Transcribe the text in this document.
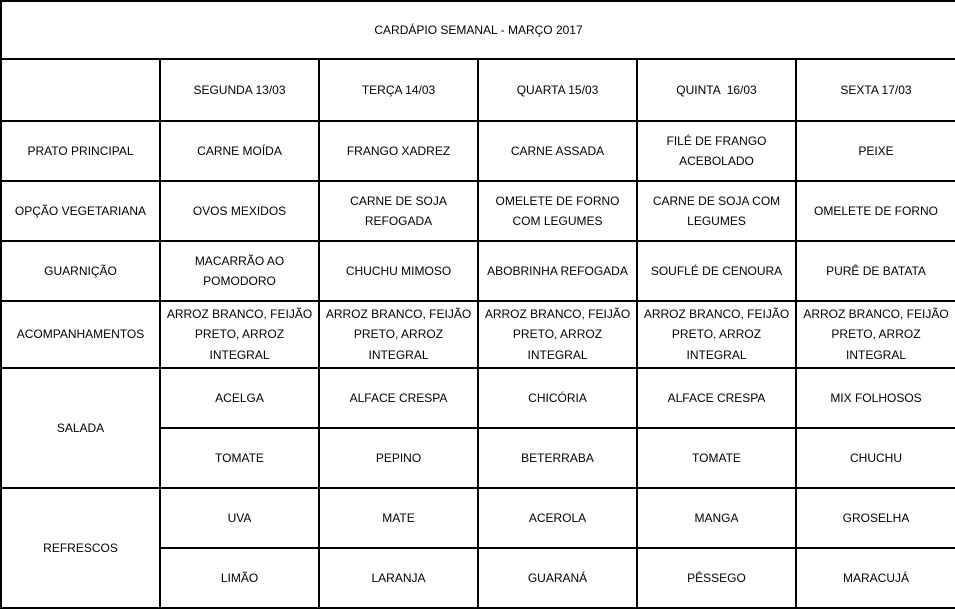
CARDÁPIO SEMANAL - MARÇO 2017					
	SEGUNDA 13/03	TERÇA 14/03	QUARTA 15/03	QUINTA  16/03	SEXTA 17/03
PRATO PRINCIPAL	CARNE MOÍDA	FRANGO XADREZ	CARNE ASSADA	FILÉ DE FRANGO ACEBOLADO	PEIXE
OPÇÃO VEGETARIANA	OVOS MEXIDOS	CARNE DE SOJA REFOGADA	OMELETE DE FORNO COM LEGUMES	CARNE DE SOJA COM LEGUMES	OMELETE DE FORNO
GUARNIÇÃO	MACARRÃO AO POMODORO	CHUCHU MIMOSO	ABOBRINHA REFOGADA	SOUFLÉ DE CENOURA	PURÊ DE BATATA
ACOMPANHAMENTOS	ARROZ BRANCO, FEIJÃO PRETO, ARROZ INTEGRAL	ARROZ BRANCO, FEIJÃO PRETO, ARROZ INTEGRAL	ARROZ BRANCO, FEIJÃO PRETO, ARROZ INTEGRAL	ARROZ BRANCO, FEIJÃO PRETO, ARROZ INTEGRAL	ARROZ BRANCO, FEIJÃO PRETO, ARROZ INTEGRAL
SALADA	ACELGA	ALFACE CRESPA	CHICÓRIA	ALFACE CRESPA	MIX FOLHOSOS
	TOMATE	PEPINO	BETERRABA	TOMATE	CHUCHU
REFRESCOS	UVA	MATE	ACEROLA	MANGA	GROSELHA
	LIMÃO	LARANJA	GUARANÁ	PÊSSEGO	MARACUJÁ
